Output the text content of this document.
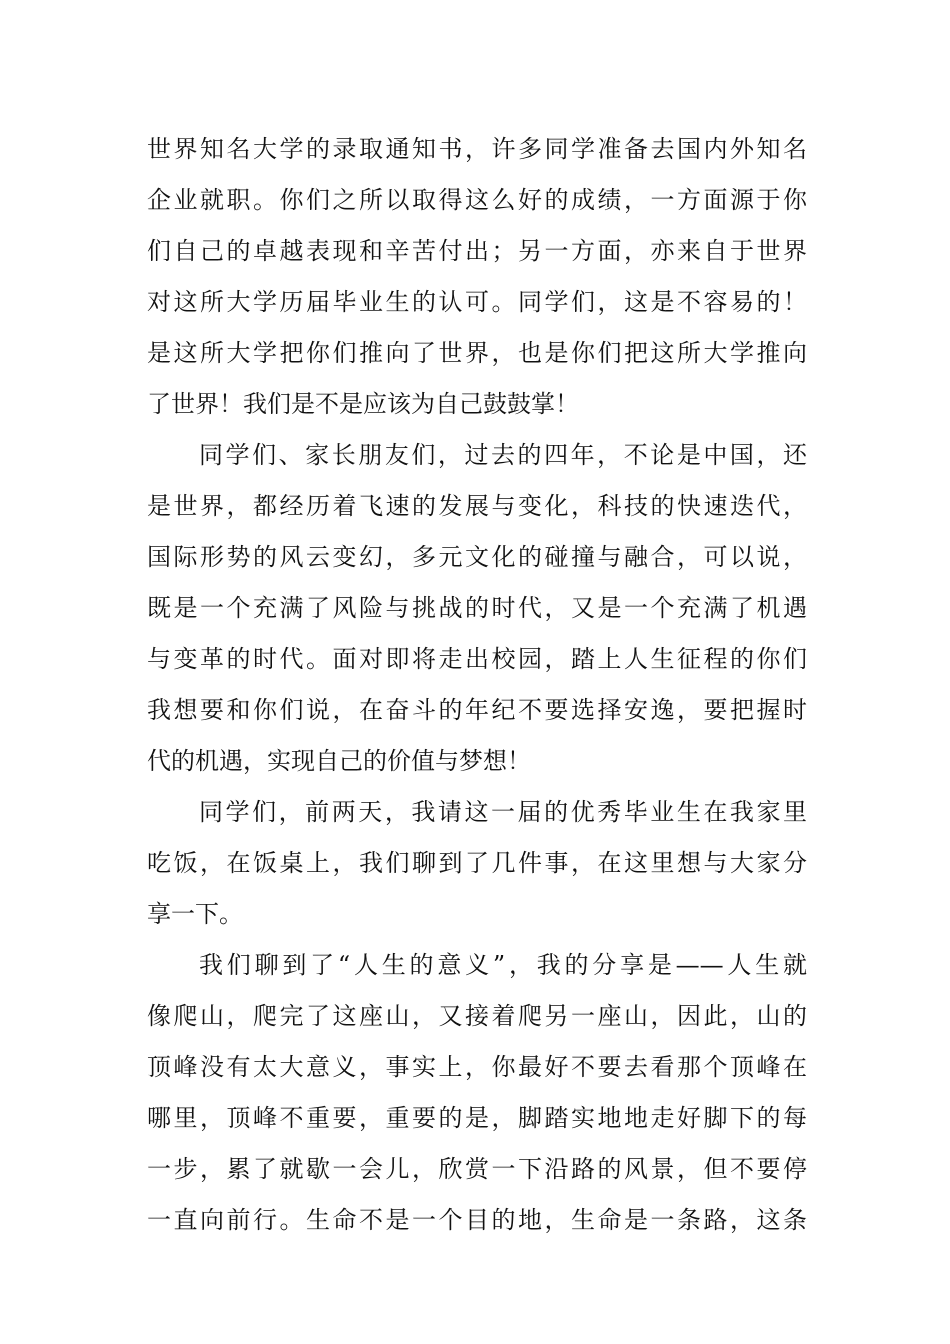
世界知名大学的录取通知书，许多同学准备去国内外知名
企业就职。你们之所以取得这么好的成绩，一方面源于你
们自己的卓越表现和辛苦付出；另一方面，亦来自于世界
对这所大学历届毕业生的认可。同学们，这是不容易的！
是这所大学把你们推向了世界，也是你们把这所大学推向
了世界！我们是不是应该为自己鼓鼓掌！
同学们、家长朋友们，过去的四年，不论是中国，还
是世界，都经历着飞速的发展与变化，科技的快速迭代，
国际形势的风云变幻，多元文化的碰撞与融合，可以说，
既是一个充满了风险与挑战的时代，又是一个充满了机遇
与变革的时代。面对即将走出校园，踏上人生征程的你们
我想要和你们说，在奋斗的年纪不要选择安逸，要把握时
代的机遇，实现自己的价值与梦想！
同学们，前两天，我请这一届的优秀毕业生在我家里
吃饭，在饭桌上，我们聊到了几件事，在这里想与大家分
享一下。
我们聊到了“人生的意义”，我的分享是——人生就
像爬山，爬完了这座山，又接着爬另一座山，因此，山的
顶峰没有太大意义，事实上，你最好不要去看那个顶峰在
哪里，顶峰不重要，重要的是，脚踏实地地走好脚下的每
一步，累了就歇一会儿，欣赏一下沿路的风景，但不要停
一直向前行。生命不是一个目的地，生命是一条路，这条
